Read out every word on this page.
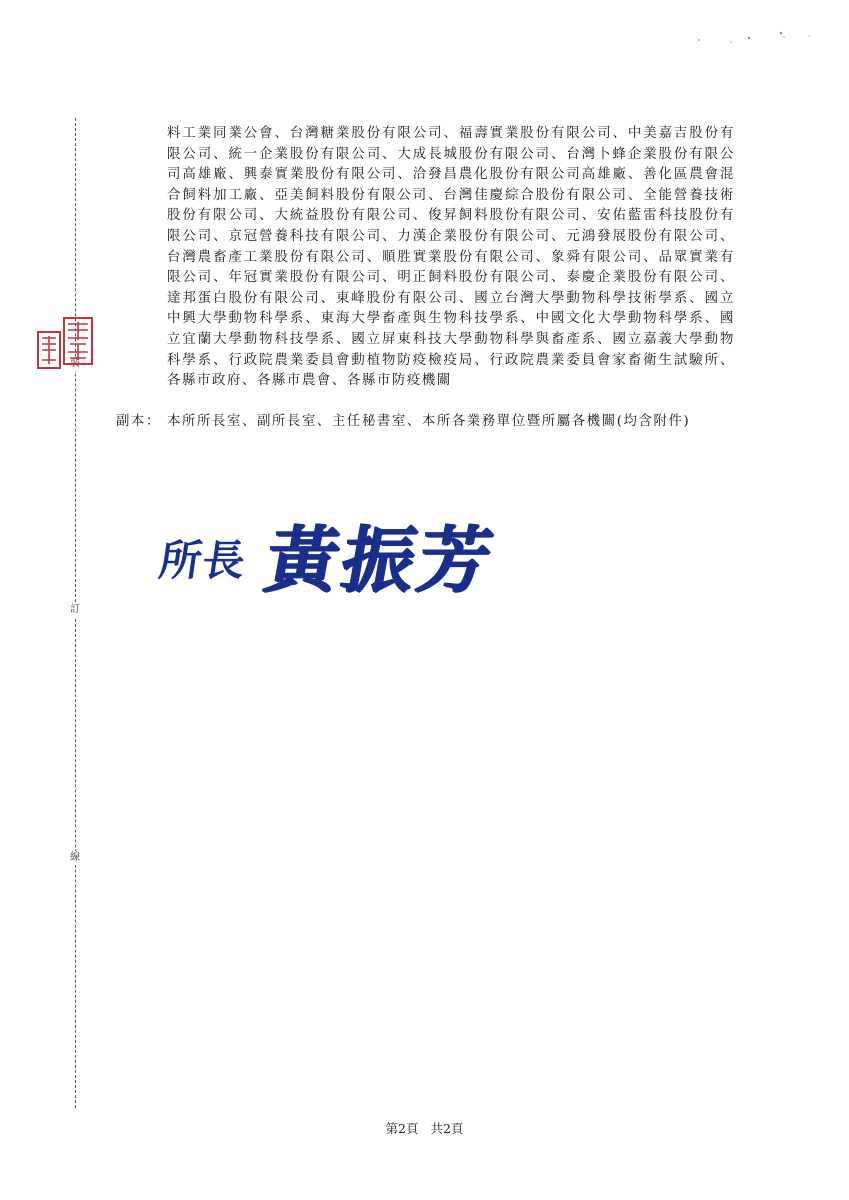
裝
訂
線
料工業同業公會、台灣糖業股份有限公司、福壽實業股份有限公司、中美嘉吉股份有限公司、統一企業股份有限公司、大成長城股份有限公司、台灣卜蜂企業股份有限公司高雄廠、興泰實業股份有限公司、洽發昌農化股份有限公司高雄廠、善化區農會混合飼料加工廠、亞美飼料股份有限公司、台灣佳慶綜合股份有限公司、全能營養技術股份有限公司、大統益股份有限公司、俊昇飼料股份有限公司、安佑藍雷科技股份有限公司、京冠營養科技有限公司、力漢企業股份有限公司、元鴻發展股份有限公司、台灣農畜產工業股份有限公司、順胜實業股份有限公司、象舜有限公司、品眾實業有限公司、年冠實業股份有限公司、明正飼料股份有限公司、泰慶企業股份有限公司、達邦蛋白股份有限公司、東峰股份有限公司、國立台灣大學動物科學技術學系、國立中興大學動物科學系、東海大學畜產與生物科技學系、中國文化大學動物科學系、國立宜蘭大學動物科技學系、國立屏東科技大學動物科學與畜產系、國立嘉義大學動物科學系、行政院農業委員會動植物防疫檢疫局、行政院農業委員會家畜衛生試驗所、各縣市政府、各縣市農會、各縣市防疫機關
副本： 本所所長室、副所長室、主任秘書室、本所各業務單位暨所屬各機關(均含附件)
所長 黃振芳
第2頁 共2頁
